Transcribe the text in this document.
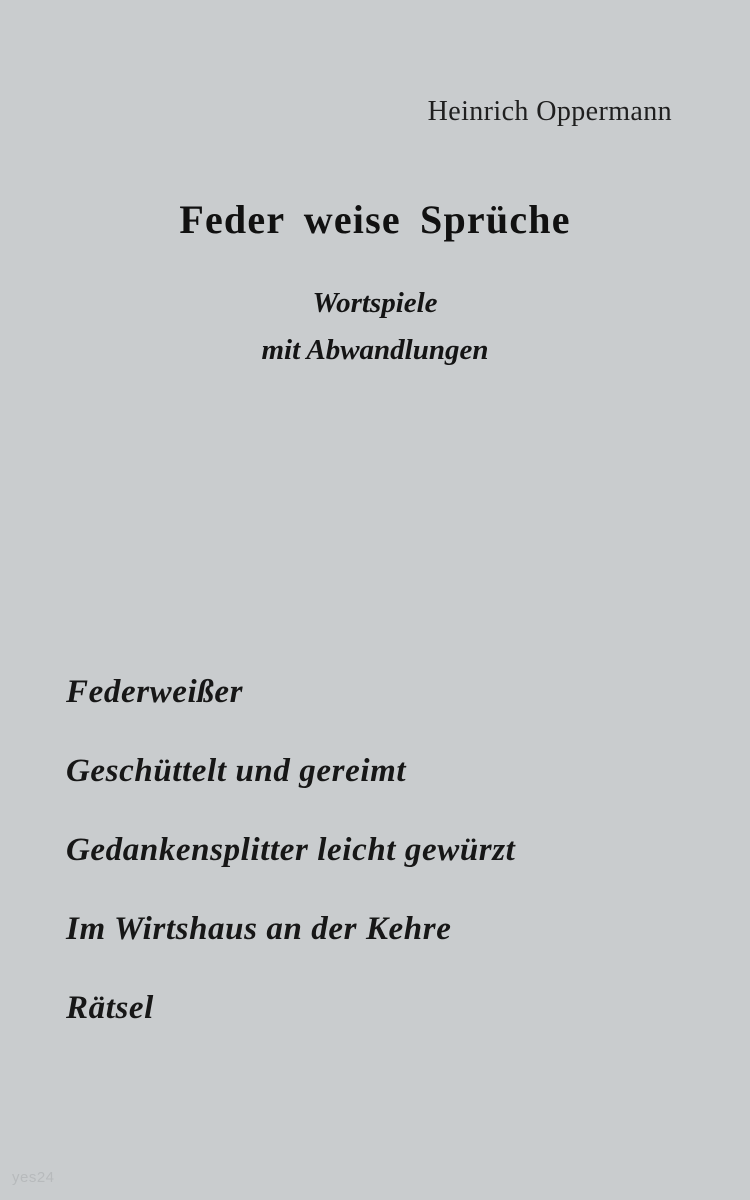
Heinrich Oppermann
Feder weise Sprüche
Wortspiele
mit Abwandlungen
Federweißer
Geschüttelt und gereimt
Gedankensplitter leicht gewürzt
Im Wirtshaus an der Kehre
Rätsel
yes24
